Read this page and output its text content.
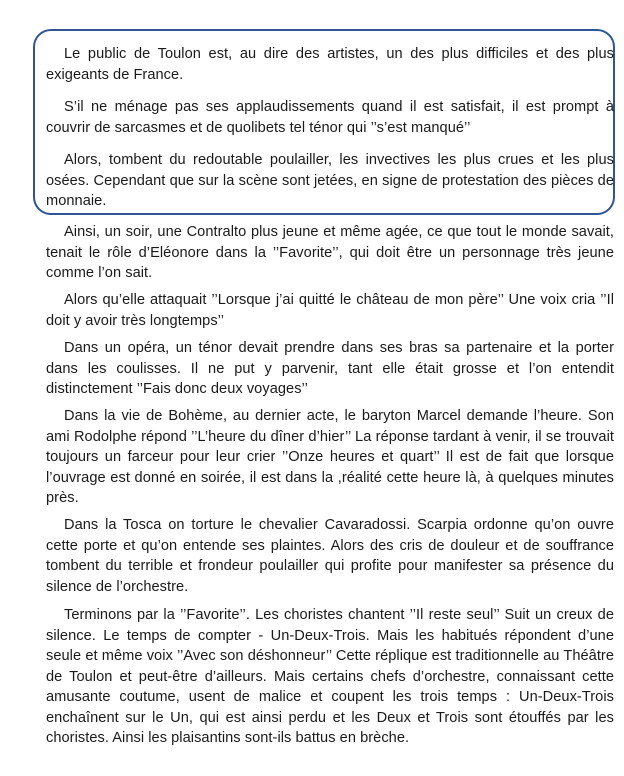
Le public de Toulon est, au dire des artistes, un des plus difficiles et des plus exigeants de France.

S’il ne ménage pas ses applaudissements quand il est satisfait, il est prompt à couvrir de sarcasmes et de quolibets tel ténor qui ’’s’est manqué’’

Alors, tombent du redoutable poulailler, les invectives les plus crues et les plus osées. Cependant que sur la scène sont jetées, en signe de protestation des pièces de monnaie.

Ainsi, un soir, une Contralto plus jeune et même agée, ce que tout le monde savait, tenait le rôle d’Eléonore dans la ’’Favorite’’, qui doit être un personnage très jeune comme l’on sait.

Alors qu’elle attaquait ’’Lorsque j’ai quitté le château de mon père’’ Une voix cria ’’Il doit y avoir très longtemps’’

Dans un opéra, un ténor devait prendre dans ses bras sa partenaire et la porter dans les coulisses. Il ne put y parvenir, tant elle était grosse et l’on entendit distinctement ’’Fais donc deux voyages’’

Dans la vie de Bohème, au dernier acte, le baryton Marcel demande l’heure. Son ami Rodolphe répond ’’L’heure du dîner d’hier’’ La réponse tardant à venir, il se trouvait toujours un farceur pour leur crier ’’Onze heures et quart’’ Il est de fait que lorsque l’ouvrage est donné en soirée, il est dans la ,réalité cette heure là, à quelques minutes près.

Dans la Tosca on torture le chevalier Cavaradossi. Scarpia ordonne qu’on ouvre cette porte et qu’on entende ses plaintes. Alors des cris de douleur et de souffrance tombent du terrible et frondeur poulailler qui profite pour manifester sa présence du silence de l’orchestre.

Terminons par la ’’Favorite’’. Les choristes chantent ’’Il reste seul’’ Suit un creux de silence. Le temps de compter - Un-Deux-Trois. Mais les habitués répondent d’une seule et même voix ’’Avec son déshonneur’’ Cette réplique est traditionnelle au Théâtre de Toulon et peut-être d’ailleurs. Mais certains chefs d’orchestre, connaissant cette amusante coutume, usent de malice et coupent les trois temps : Un-Deux-Trois enchaînent sur le Un, qui est ainsi perdu et les Deux et Trois sont étouffés par les choristes. Ainsi les plaisantins sont-ils battus en brèche.
